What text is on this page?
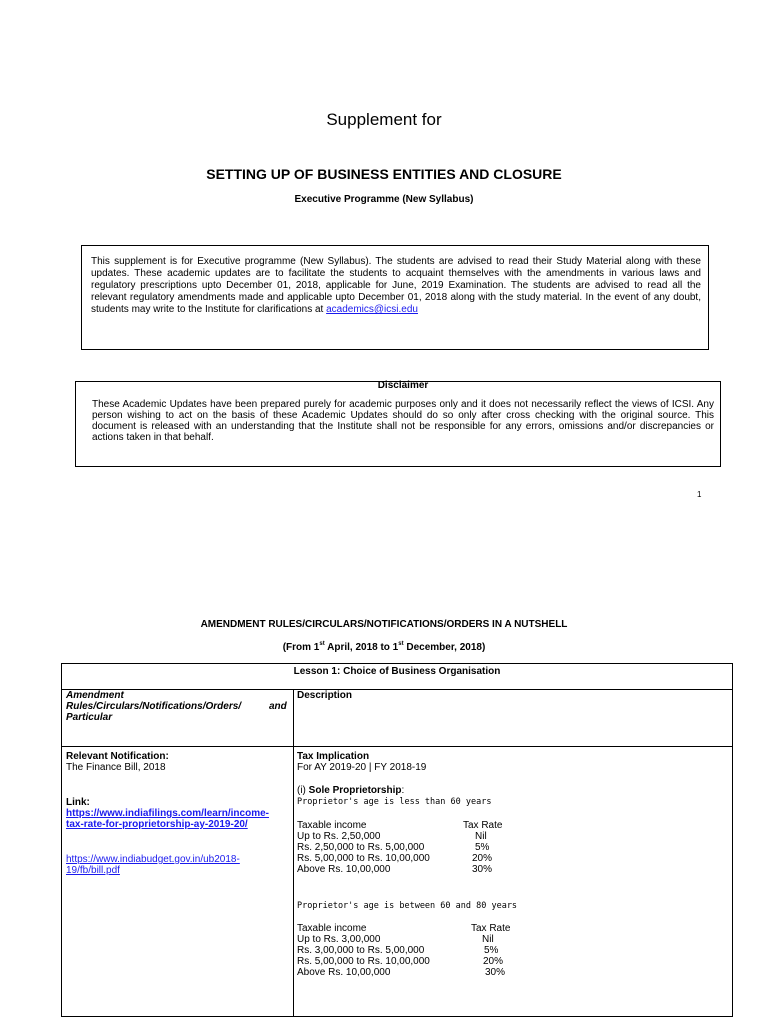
Supplement for
SETTING UP OF BUSINESS ENTITIES AND CLOSURE
Executive Programme (New Syllabus)

This supplement is for Executive programme (New Syllabus). The students are advised to read their Study Material along with these updates. These academic updates are to facilitate the students to acquaint themselves with the amendments in various laws and regulatory prescriptions upto December 01, 2018, applicable for June, 2019 Examination. The students are advised to read all the relevant regulatory amendments made and applicable upto December 01, 2018 along with the study material. In the event of any doubt, students may write to the Institute for clarifications at academics@icsi.edu

Disclaimer

These Academic Updates have been prepared purely for academic purposes only and it does not necessarily reflect the views of ICSI. Any person wishing to act on the basis of these Academic Updates should do so only after cross checking with the original source. This document is released with an understanding that the Institute shall not be responsible for any errors, omissions and/or discrepancies or actions taken in that behalf.

1
AMENDMENT RULES/CIRCULARS/NOTIFICATIONS/ORDERS IN A NUTSHELL
(From 1st April, 2018 to 1st December, 2018)
Lesson 1: Choice of Business Organisation
Amendment
Rules/Circulars/Notifications/Orders/	and
Particular
Description
Relevant Notification:
The Finance Bill, 2018
Link:
https://www.indiafilings.com/learn/income-
tax-rate-for-proprietorship-ay-2019-20/
https://www.indiabudget.gov.in/ub2018-
19/fb/bill.pdf
Tax Implication
For AY 2019-20 | FY 2018-19
(i) Sole Proprietorship:
Proprietor's age is less than 60 years
Taxable income	Tax Rate
Up to Rs. 2,50,000	Nil
Rs. 2,50,000 to Rs. 5,00,000	5%
Rs. 5,00,000 to Rs. 10,00,000	20%
Above Rs. 10,00,000	30%
Proprietor's age is between 60 and 80 years
Taxable income	Tax Rate
Up to Rs. 3,00,000	Nil
Rs. 3,00,000 to Rs. 5,00,000	5%
Rs. 5,00,000 to Rs. 10,00,000	20%
Above Rs. 10,00,000	30%
